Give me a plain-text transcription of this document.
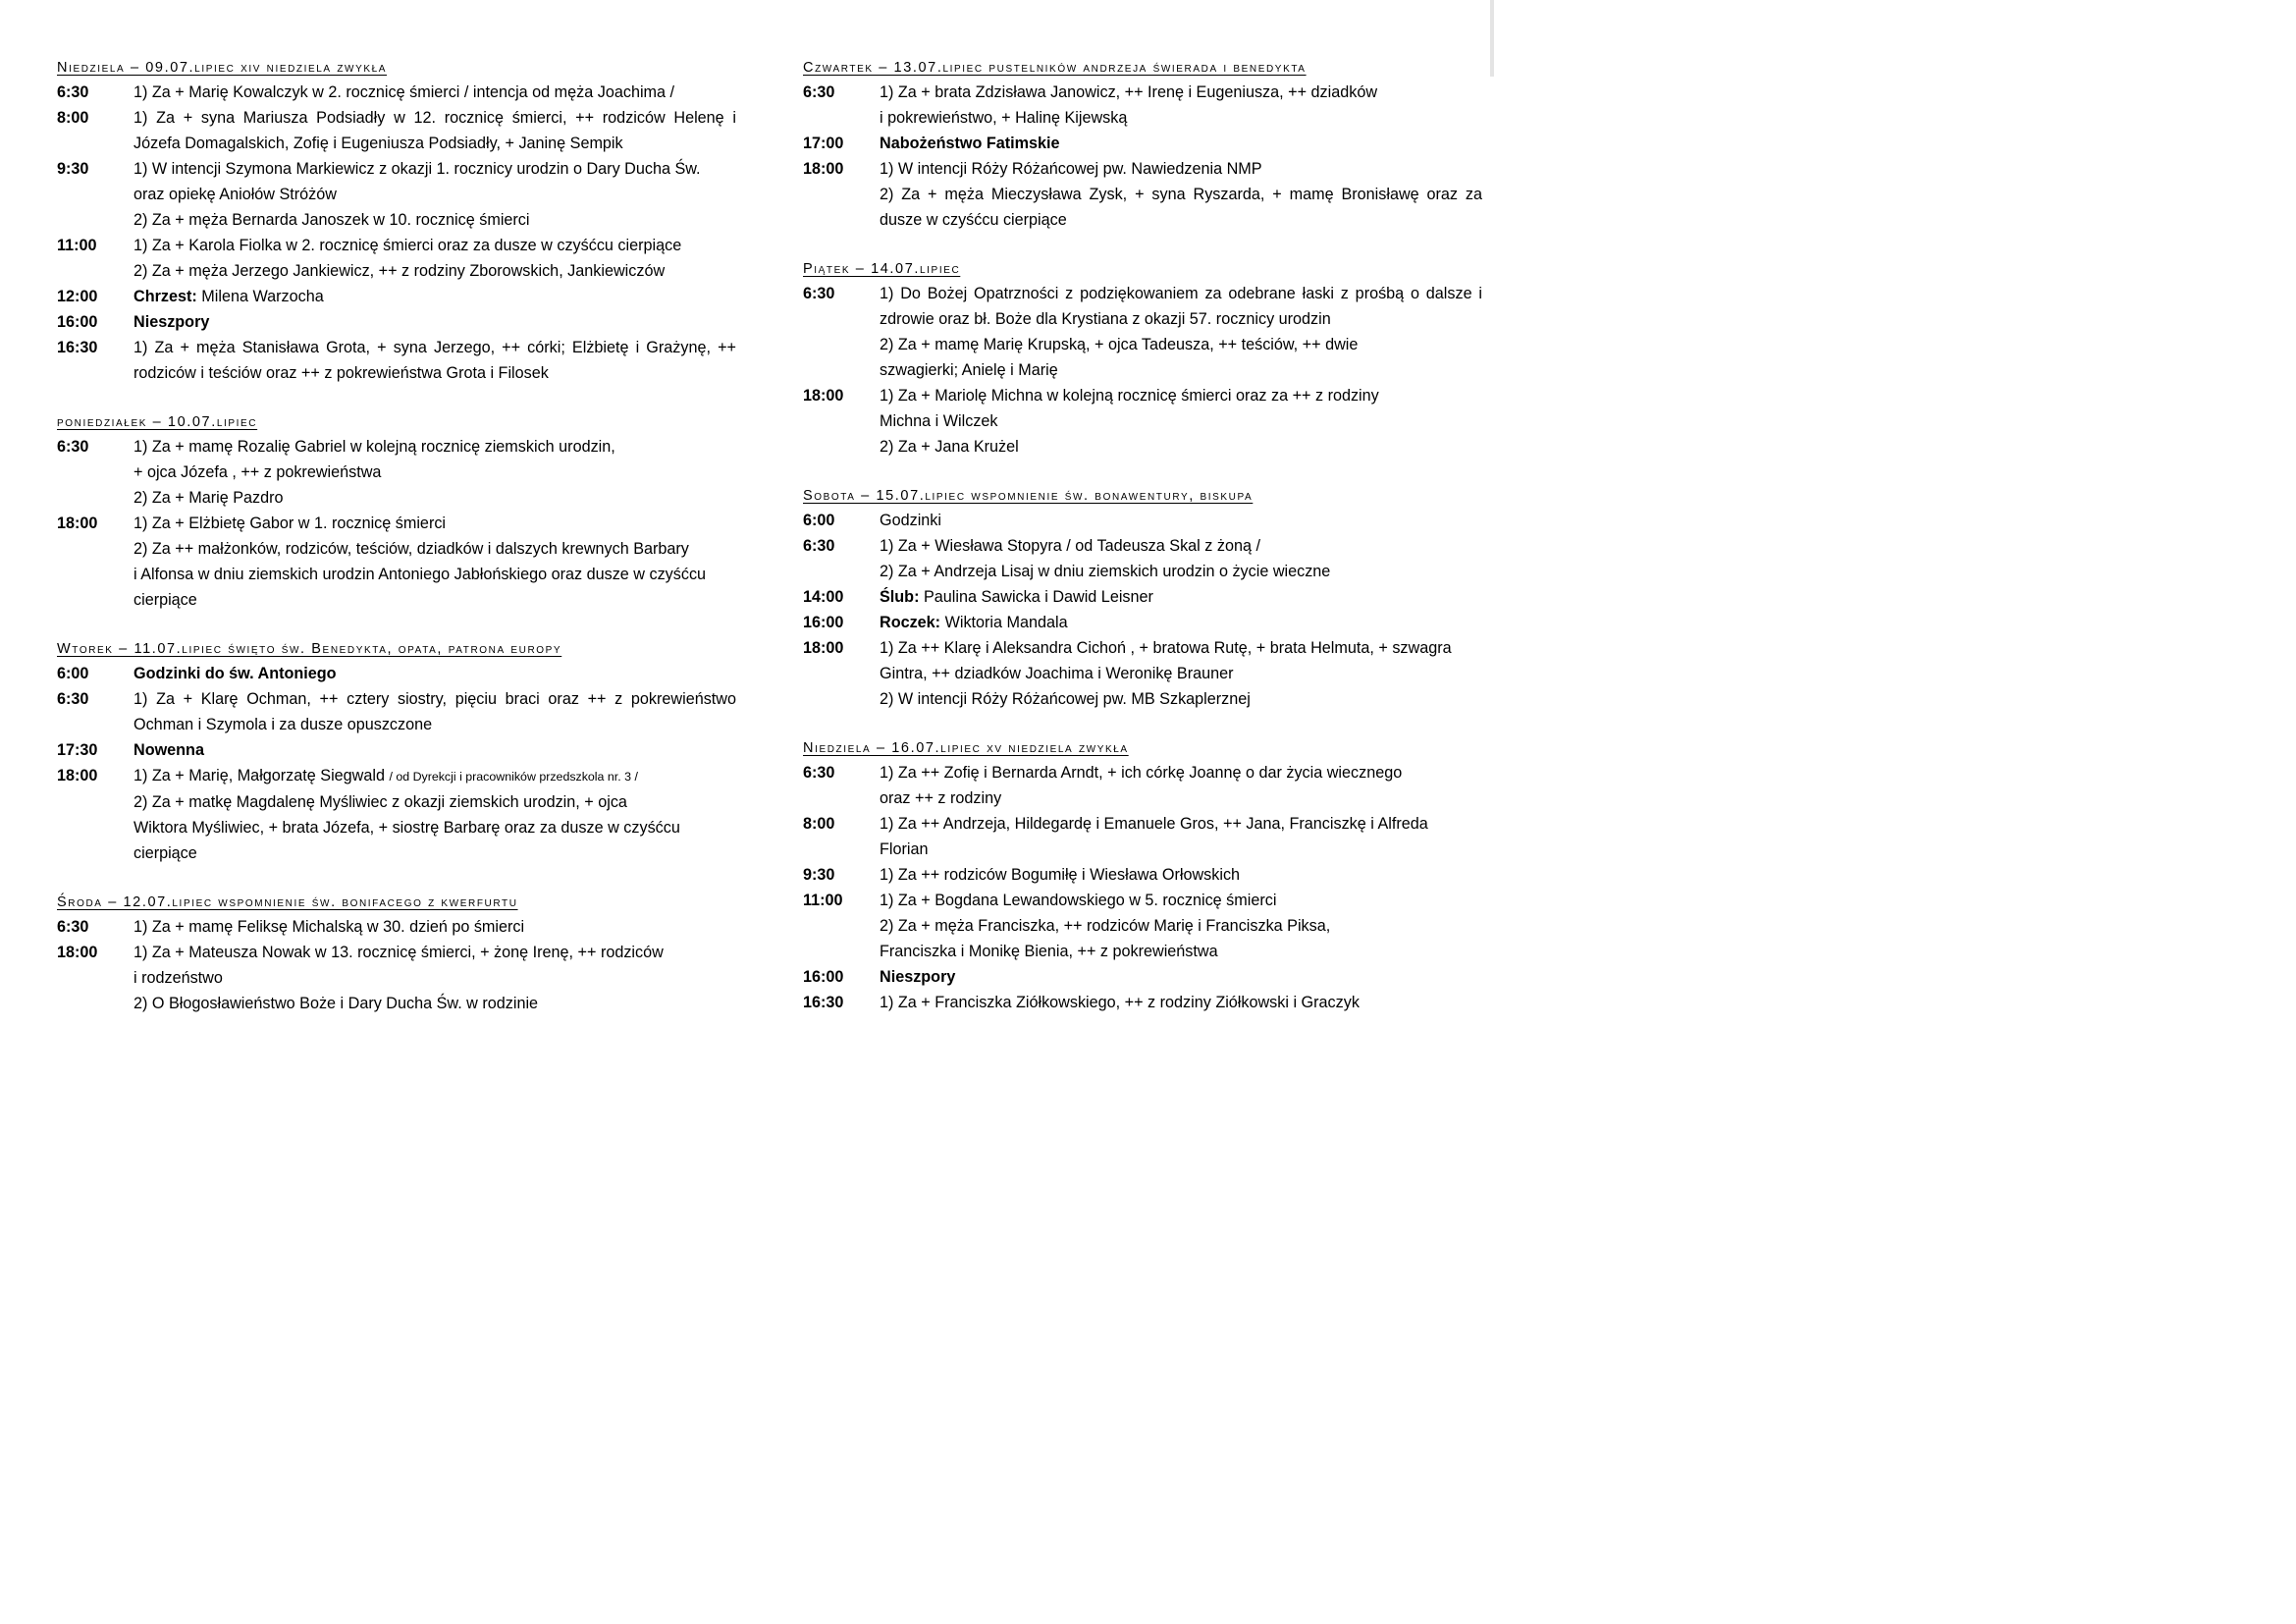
Niedziela – 09.07.lipiec xiv niedziela zwykła
6:30	1) Za + Marię Kowalczyk w 2. rocznicę śmierci / intencja od męża Joachima /
8:00	1) Za + syna Mariusza Podsiadły w 12. rocznicę śmierci, ++ rodziców Helenę i
Józefa Domagalskich, Zofię i Eugeniusza Podsiadły, + Janinę Sempik
9:30	1) W intencji Szymona Markiewicz z okazji 1. rocznicy urodzin o Dary Ducha Św.
oraz opiekę Aniołów Stróżów
2) Za + męża Bernarda Janoszek w 10. rocznicę śmierci
11:00	1) Za + Karola Fiolka w 2. rocznicę śmierci oraz za dusze w czyśćcu cierpiące
2) Za + męża Jerzego Jankiewicz, ++ z rodziny Zborowskich, Jankiewiczów
12:00	Chrzest: Milena Warzocha
16:00	Nieszpory
16:30	1) Za + męża Stanisława Grota, + syna Jerzego, ++ córki; Elżbietę i Grażynę, ++
rodziców i teściów oraz ++ z pokrewieństwa Grota i Filosek
poniedziałek – 10.07.lipiec
6:30	1) Za + mamę Rozalię Gabriel w kolejną rocznicę ziemskich urodzin,
+ ojca Józefa , ++ z pokrewieństwa
2) Za + Marię Pazdro
18:00	1) Za + Elżbietę Gabor w 1. rocznicę śmierci
2) Za ++ małżonków, rodziców, teściów, dziadków i dalszych krewnych Barbary
i Alfonsa w dniu ziemskich urodzin Antoniego Jabłońskiego oraz dusze w czyśćcu
cierpiące
Wtorek – 11.07.lipiec święto św. Benedykta, opata, patrona europy
6:00	Godzinki do św. Antoniego
6:30	1) Za + Klarę Ochman, ++ cztery siostry, pięciu braci oraz ++ z pokrewieństwo
Ochman i Szymola i za dusze opuszczone
17:30	Nowenna
18:00	1) Za + Marię, Małgorzatę Siegwald / od Dyrekcji i pracowników przedszkola nr. 3 /
2) Za + matkę Magdalenę Myśliwiec z okazji ziemskich urodzin, + ojca
Wiktora Myśliwiec, + brata Józefa, + siostrę Barbarę oraz za dusze w czyśćcu
cierpiące
Środa – 12.07.lipiec wspomnienie św. bonifacego z kwerfurtu
6:30	1) Za + mamę Feliksę Michalską w 30. dzień po śmierci
18:00	1) Za + Mateusza Nowak w 13. rocznicę śmierci, + żonę Irenę, ++ rodziców
i rodzeństwo
2) O Błogosławieństwo Boże i Dary Ducha Św. w rodzinie
Czwartek – 13.07.lipiec pustelników andrzeja świerada i benedykta
6:30	1) Za + brata Zdzisława Janowicz, ++ Irenę i Eugeniusza, ++ dziadków
i pokrewieństwo, + Halinę Kijewską
17:00	Nabożeństwo Fatimskie
18:00	1) W intencji Róży Różańcowej pw. Nawiedzenia NMP
2) Za + męża Mieczysława Zysk, + syna Ryszarda, + mamę Bronisławę oraz za
dusze w czyśćcu cierpiące
Piątek – 14.07.lipiec
6:30	1) Do Bożej Opatrzności z podziękowaniem za odebrane łaski z prośbą o dalsze i
zdrowie oraz bł. Boże dla Krystiana z okazji 57. rocznicy urodzin
2) Za + mamę Marię Krupską, + ojca Tadeusza, ++ teściów, ++ dwie
szwagierki; Anielę i Marię
18:00	1) Za + Mariolę Michna w kolejną rocznicę śmierci oraz za ++ z rodziny
Michna i Wilczek
2) Za + Jana Krużel
Sobota – 15.07.lipiec wspomnienie św. bonawentury, biskupa
6:00	Godzinki
6:30	1) Za + Wiesława Stopyra / od Tadeusza Skal z żoną /
2) Za + Andrzeja Lisaj w dniu ziemskich urodzin o życie wieczne
14:00	Ślub: Paulina Sawicka i Dawid Leisner
16:00	Roczek: Wiktoria Mandala
18:00	1) Za ++ Klarę i Aleksandra Cichoń , + bratowa Rutę, + brata Helmuta, + szwagra
Gintra, ++ dziadków Joachima i Weronikę Brauner
2) W intencji Róży Różańcowej pw. MB Szkaplerznej
Niedziela – 16.07.lipiec xv niedziela zwykła
6:30	1) Za ++ Zofię i Bernarda Arndt, + ich córkę Joannę o dar życia wiecznego
oraz ++ z rodziny
8:00	1) Za ++ Andrzeja, Hildegardę i Emanuele Gros, ++ Jana, Franciszkę i Alfreda
Florian
9:30	1) Za ++ rodziców Bogumiłę i Wiesława Orłowskich
11:00	1) Za + Bogdana Lewandowskiego w 5. rocznicę śmierci
2) Za + męża Franciszka, ++ rodziców Marię i Franciszka Piksa,
Franciszka i Monikę Bienia, ++ z pokrewieństwa
16:00	Nieszpory
16:30	1) Za + Franciszka Ziółkowskiego, ++ z rodziny Ziółkowski i Graczyk
